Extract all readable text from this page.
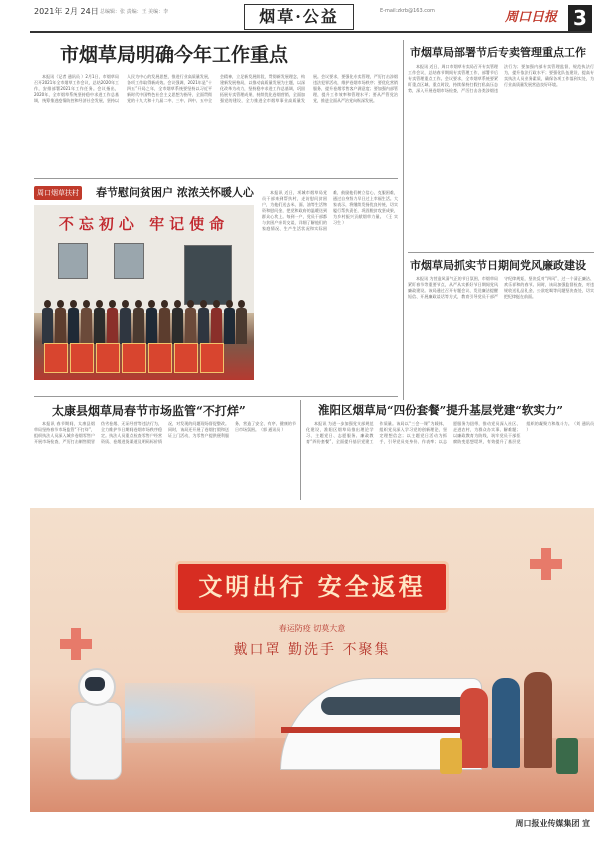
2021年 2月 24日 总编辑：张 责编：王 美编：李	烟草·公益	E-mail:zkrb@163.com	周口日报 3
市烟草局明确今年工作重点

本报讯（记者 通讯员 ）2月1日，市烟草局召开2021年全市烟草工作会议，总结2020年工作，安排部署2021年工作任务。会议指出，2020年，全市烟草系统坚持稳中求进工作总基调，统筹推进疫情防控和经济社会发展，坚持以人民为中心的发展思想，推进行业高质量发展，各项工作取得新成效。会议强调，2021年是“十四五”开局之年，全市烟草系统要坚持以习近平新时代中国特色社会主义思想为指导，全面贯彻党的十九大和十九届二中、三中、四中、五中全会精神，立足新发展阶段，贯彻新发展理念，构建新发展格局，以推动高质量发展为主题，以深化改革为动力，坚持稳中求进工作总基调，巩固拓展专卖管理成果，持续优化卷烟营销，全面加强党的建设，全力推进全市烟草事业高质量发展。会议要求，要强化专卖管理，严厉打击涉烟违法犯罪活动，维护卷烟市场秩序；要优化营销服务，提升卷烟零售客户满意度；要加强内部管理，提升工作效率和管理水平；要从严管党治党，推进全面从严治党向纵深发展。

周口烟草扶村 春节慰问贫困户 浓浓关怀暖人心
不忘初心 牢记使命

本报讯 近日，项城市烟草局党员干部来到帮扶村，走访慰问贫困户，为他们送去米、面、油等生活物资和慰问金，把党和政府的温暖送到群众心坎上。每到一户，党员干部都与贫困户亲切交谈，详细了解他们的家庭情况、生产生活状况和实际困难，鼓励他们树立信心，克服困难，通过自身努力早日过上幸福生活。大家表示，将继续发扬优良传统，切实履行帮扶责任，巩固脱贫攻坚成果，为乡村振兴贡献烟草力量。（王 实习生 ）

太康县烟草局春节市场监管“不打烊”

本报讯 春节期间，太康县烟草局坚持春节市场监管“不打烊”，组织执法人员深入城乡卷烟零售户开展市场检查，严厉打击制售假冒伪劣卷烟、无证经营等违法行为，全力维护节日期间卷烟市场秩序稳定。执法人员重点检查零售户经营资质、卷烟进货渠道及明码标价情况，对发现的问题现场督促整改。同时，该局还开展了卷烟打假和送证上门活动，为零售户提供便利服务，营造了安全、有序、健康的节日市场氛围。（郭 通讯员 ）

市烟草局部署节后专卖管理重点工作

本报讯 近日，周口市烟草专卖局召开专卖管理工作会议，总结春节期间专卖管理工作，部署节后专卖管理重点工作。会议要求，全市烟草系统要紧盯重点区域、重点时段，持续保持打假打私高压态势，深入开展卷烟市场检查，严厉打击各类涉烟违法行为；要加强内部专卖管理监督，规范执法行为，提升依法行政水平；要强化队伍建设，提高专卖执法人员业务素质，确保各项工作落到实处，为行业高质量发展营造良好环境。

市烟草局抓实节日期间党风廉政建设

本报讯 为营造风清气正的节日氛围，市烟草局紧盯春节等重要节点，从严从实抓好节日期间党风廉政建设。该局通过召开专题会议、发送廉洁提醒短信、开展廉政谈话等方式，教育引导党员干部严守纪律规矩，坚决反对“四风”，过一个清正廉洁、欢乐祥和的春节。同时，该局加强监督检查，对违规收送礼品礼金、公款吃喝等问题坚决查处，切实把纪律挺在前面。

淮阳区烟草局“四份套餐”提升基层党建“软实力”

本报讯 为进一步加强党支部规范化建设，淮阳区烟草局推出理论学习、主题党日、志愿服务、廉政教育“四份套餐”，全面提升基层党建工作质量。该局以“三会一课”为载体，组织党员深入学习党的创新理论，坚定理想信念；以主题党日活动为抓手，引导党员亮身份、作表率；以志愿服务为纽带，推动党员深入社区、走进农村，为群众办实事、解难题；以廉政教育为防线，筑牢党员干部拒腐防变思想堤坝，有效提升了基层党组织的凝聚力和战斗力。（刘 通讯员 ）

文明出行 安全返程
春运防疫 切莫大意
戴口罩 勤洗手 不聚集
周口报业传媒集团 宣
